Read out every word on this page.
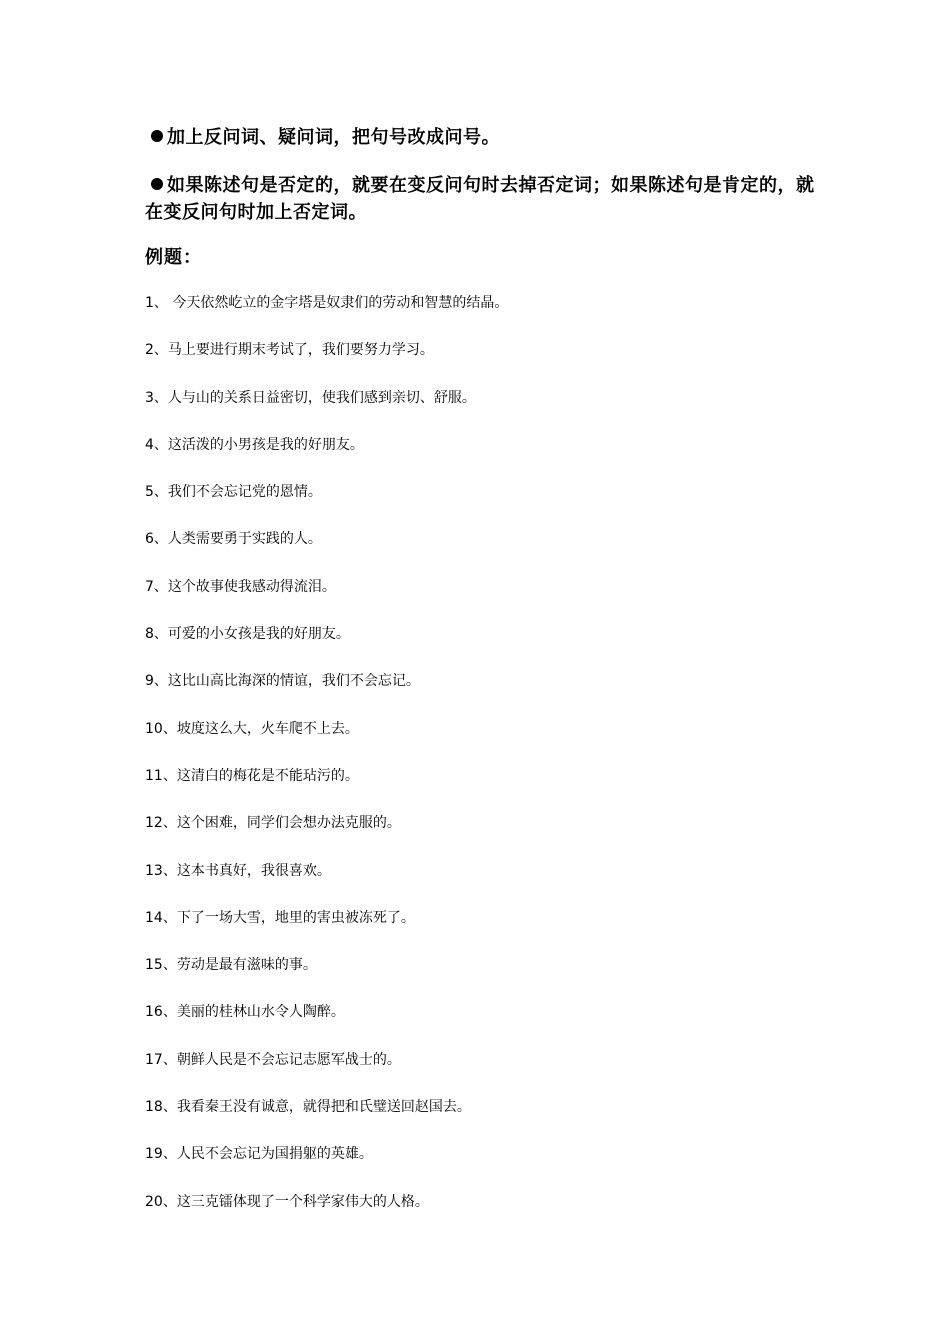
加上反问词、疑问词，把句号改成问号。
如果陈述句是否定的，就要在变反问句时去掉否定词；如果陈述句是肯定的，就在变反问句时加上否定词。
例题：
1、 今天依然屹立的金字塔是奴隶们的劳动和智慧的结晶。
2、马上要进行期末考试了，我们要努力学习。
3、人与山的关系日益密切，使我们感到亲切、舒服。
4、这活泼的小男孩是我的好朋友。
5、我们不会忘记党的恩情。
6、人类需要勇于实践的人。
7、这个故事使我感动得流泪。
8、可爱的小女孩是我的好朋友。
9、这比山高比海深的情谊，我们不会忘记。
10、坡度这么大，火车爬不上去。
11、这清白的梅花是不能玷污的。
12、这个困难，同学们会想办法克服的。
13、这本书真好，我很喜欢。
14、下了一场大雪，地里的害虫被冻死了。
15、劳动是最有滋味的事。
16、美丽的桂林山水令人陶醉。
17、朝鲜人民是不会忘记志愿军战士的。
18、我看秦王没有诚意，就得把和氏璧送回赵国去。
19、人民不会忘记为国捐躯的英雄。
20、这三克镭体现了一个科学家伟大的人格。
